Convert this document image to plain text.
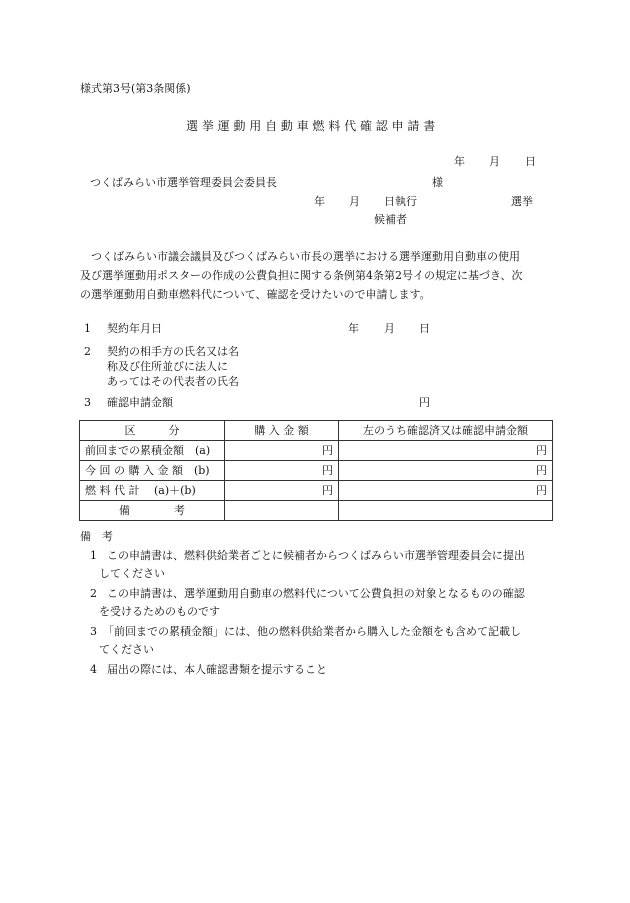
様式第3号(第3条関係)
選 挙 運 動 用 自 動 車 燃 料 代 確 認 申 請 書
年 月 日
つくばみらい市選挙管理委員会委員長	様
年 月 日執行	選挙
候補者
つくばみらい市議会議員及びつくばみらい市長の選挙における選挙運動用自動車の使用
及び選挙運動用ポスターの作成の公費負担に関する条例第4条第2号イの規定に基づき、次
の選挙運動用自動車燃料代について、確認を受けたいので申請します。
1 契約年月日	年 月 日
2 契約の相手方の氏名又は名
称及び住所並びに法人に
あってはその代表者の氏名
3 確認申請金額	円
区　　　分	購 入 金 額	左のうち確認済又は確認申請金額
前回までの累積金額　(a)	円	円
今 回 の 購 入 金 額　(b)	円	円
燃 料 代 計　 (a)＋(b)	円	円
備　　　　考		
備　考
1 この申請書は、燃料供給業者ごとに候補者からつくばみらい市選挙管理委員会に提出
してください
2 この申請書は、選挙運動用自動車の燃料代について公費負担の対象となるものの確認
を受けるためのものです
3 「前回までの累積金額」には、他の燃料供給業者から購入した金額をも含めて記載し
てください
4 届出の際には、本人確認書類を提示すること
